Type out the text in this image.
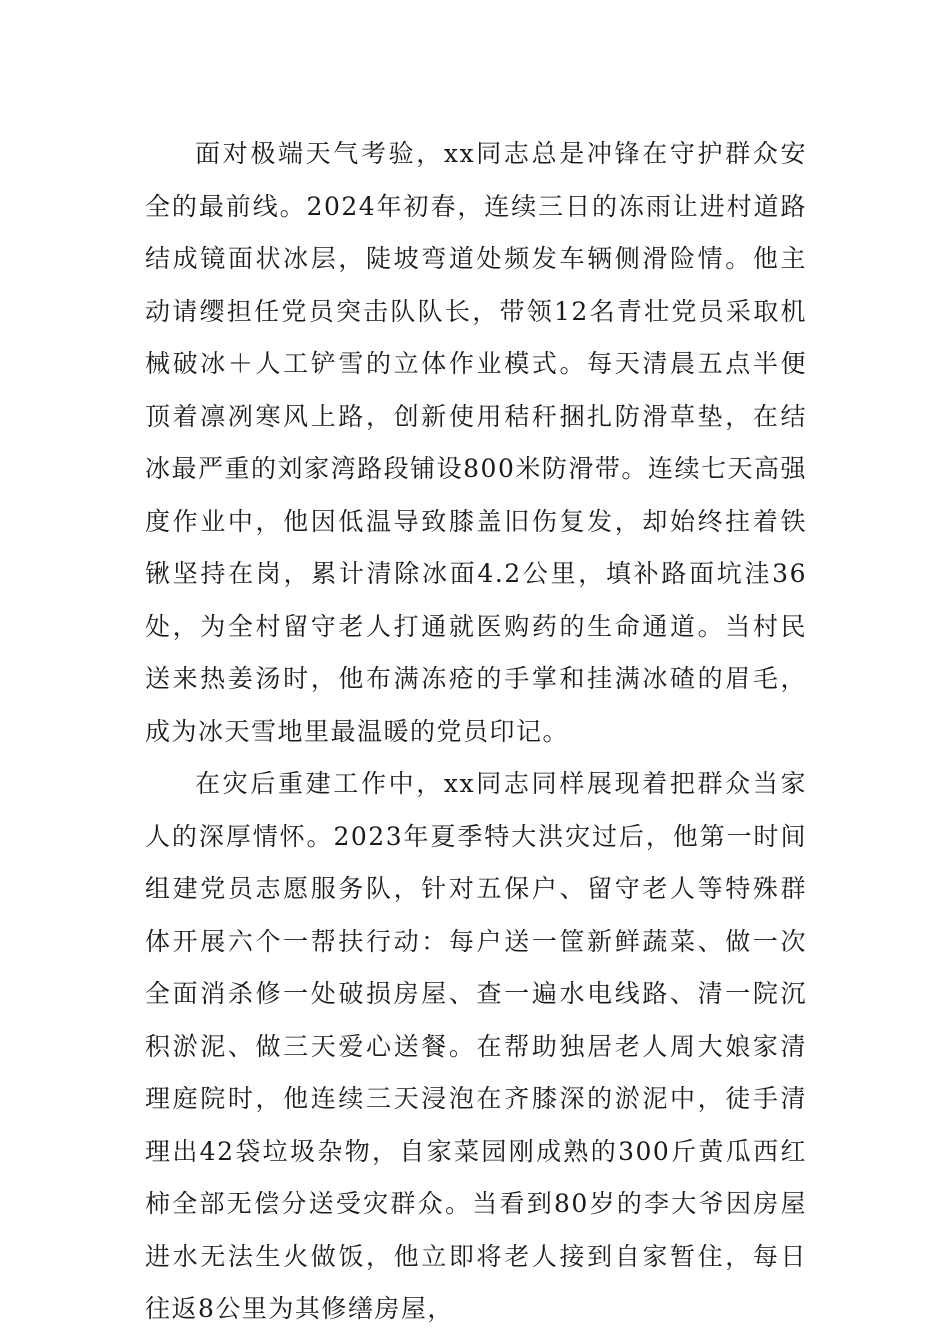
面对极端天气考验，xx同志总是冲锋在守护群众安全的最前线。2024年初春，连续三日的冻雨让进村道路结成镜面状冰层，陡坡弯道处频发车辆侧滑险情。他主动请缨担任党员突击队队长，带领12名青壮党员采取机械破冰＋人工铲雪的立体作业模式。每天清晨五点半便顶着凛冽寒风上路，创新使用秸秆捆扎防滑草垫，在结冰最严重的刘家湾路段铺设800米防滑带。连续七天高强度作业中，他因低温导致膝盖旧伤复发，却始终拄着铁锹坚持在岗，累计清除冰面4.2公里，填补路面坑洼36处，为全村留守老人打通就医购药的生命通道。当村民送来热姜汤时，他布满冻疮的手掌和挂满冰碴的眉毛，成为冰天雪地里最温暖的党员印记。

在灾后重建工作中，xx同志同样展现着把群众当家人的深厚情怀。2023年夏季特大洪灾过后，他第一时间组建党员志愿服务队，针对五保户、留守老人等特殊群体开展六个一帮扶行动：每户送一筐新鲜蔬菜、做一次全面消杀修一处破损房屋、查一遍水电线路、清一院沉积淤泥、做三天爱心送餐。在帮助独居老人周大娘家清理庭院时，他连续三天浸泡在齐膝深的淤泥中，徒手清理出42袋垃圾杂物，自家菜园刚成熟的300斤黄瓜西红柿全部无偿分送受灾群众。当看到80岁的李大爷因房屋进水无法生火做饭，他立即将老人接到自家暂住，每日往返8公里为其修缮房屋，
